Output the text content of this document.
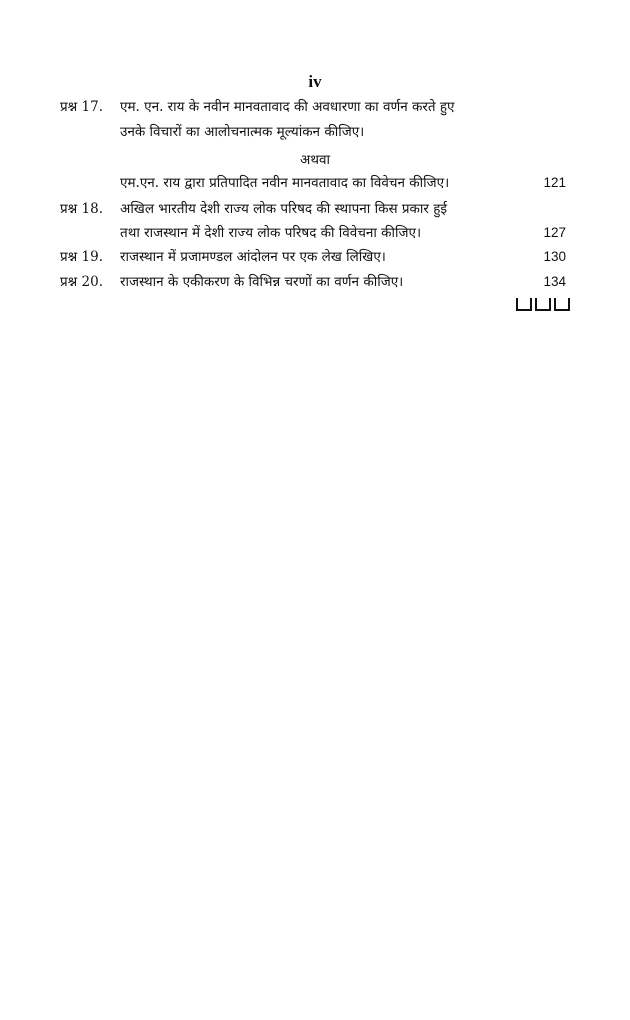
iv
प्रश्न 17. एम. एन. राय के नवीन मानवतावाद की अवधारणा का वर्णन करते हुए
उनके विचारों का आलोचनात्मक मूल्यांकन कीजिए।
अथवा
एम.एन. राय द्वारा प्रतिपादित नवीन मानवतावाद का विवेचन कीजिए।	121
प्रश्न 18. अखिल भारतीय देशी राज्य लोक परिषद की स्थापना किस प्रकार हुई
तथा राजस्थान में देशी राज्य लोक परिषद की विवेचना कीजिए।	127
प्रश्न 19. राजस्थान में प्रजामण्डल आंदोलन पर एक लेख लिखिए।	130
प्रश्न 20. राजस्थान के एकीकरण के विभिन्न चरणों का वर्णन कीजिए।	134
